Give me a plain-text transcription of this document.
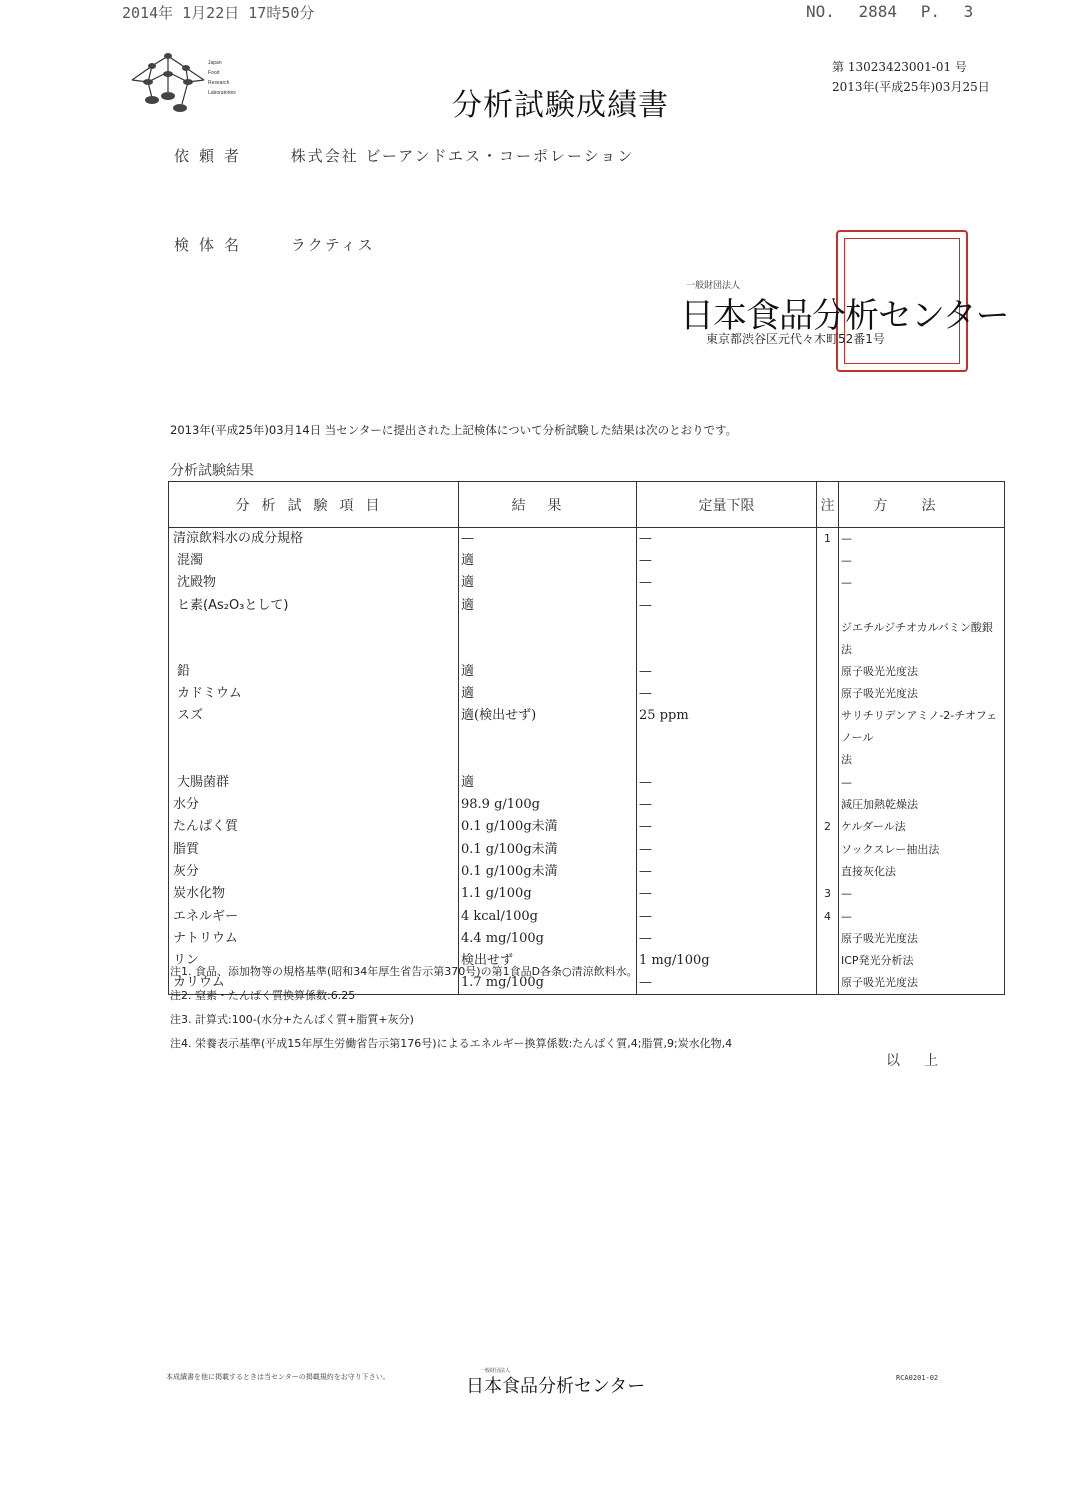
2014年 1月22日 17時50分	NO. 2884 P. 3
Japan
Food
Research
Laboratories	分析試験成績書
第 13023423001-01 号
2013年(平成25年)03月25日
依頼者	株式会社 ビーアンドエス・コーポレーション
検体名	ラクティス
一般財団法人
日本食品分析センター
東京都渋谷区元代々木町52番1号
2013年(平成25年)03月14日 当センターに提出された上記検体について分析試験した結果は次のとおりです。
分析試験結果
分析試験項目	結果	定量下限	注	方法
清涼飲料水の成分規格	—	—	1	—
混濁	適	—		—
沈殿物	適	—		—
ヒ素(As₂O₃として)	適	—		
				ジエチルジチオカルバミン酸銀法
鉛	適	—		原子吸光光度法
カドミウム	適	—		原子吸光光度法
スズ	適(検出せず)	25 ppm		サリチリデンアミノ-2-チオフェノール
				法
大腸菌群	適	—		—
水分	98.9 g/100g	—		減圧加熱乾燥法
たんぱく質	0.1 g/100g未満	—	2	ケルダール法
脂質	0.1 g/100g未満	—		ソックスレー抽出法
灰分	0.1 g/100g未満	—		直接灰化法
炭水化物	1.1 g/100g	—	3	—
エネルギー	4 kcal/100g	—	4	—
ナトリウム	4.4 mg/100g	—		原子吸光光度法
リン	検出せず	1 mg/100g		ICP発光分析法
カリウム	1.7 mg/100g	—		原子吸光光度法
注1. 食品、添加物等の規格基準(昭和34年厚生省告示第370号)の第1食品D各条○清涼飲料水。
注2. 窒素・たんぱく質換算係数:6.25
注3. 計算式:100-(水分+たんぱく質+脂質+灰分)
注4. 栄養表示基準(平成15年厚生労働省告示第176号)によるエネルギー換算係数:たんぱく質,4;脂質,9;炭水化物,4
以上
本成績書を他に掲載するときは当センターの掲載規約をお守り下さい。
一般財団法人
日本食品分析センター	RCA0201-02
